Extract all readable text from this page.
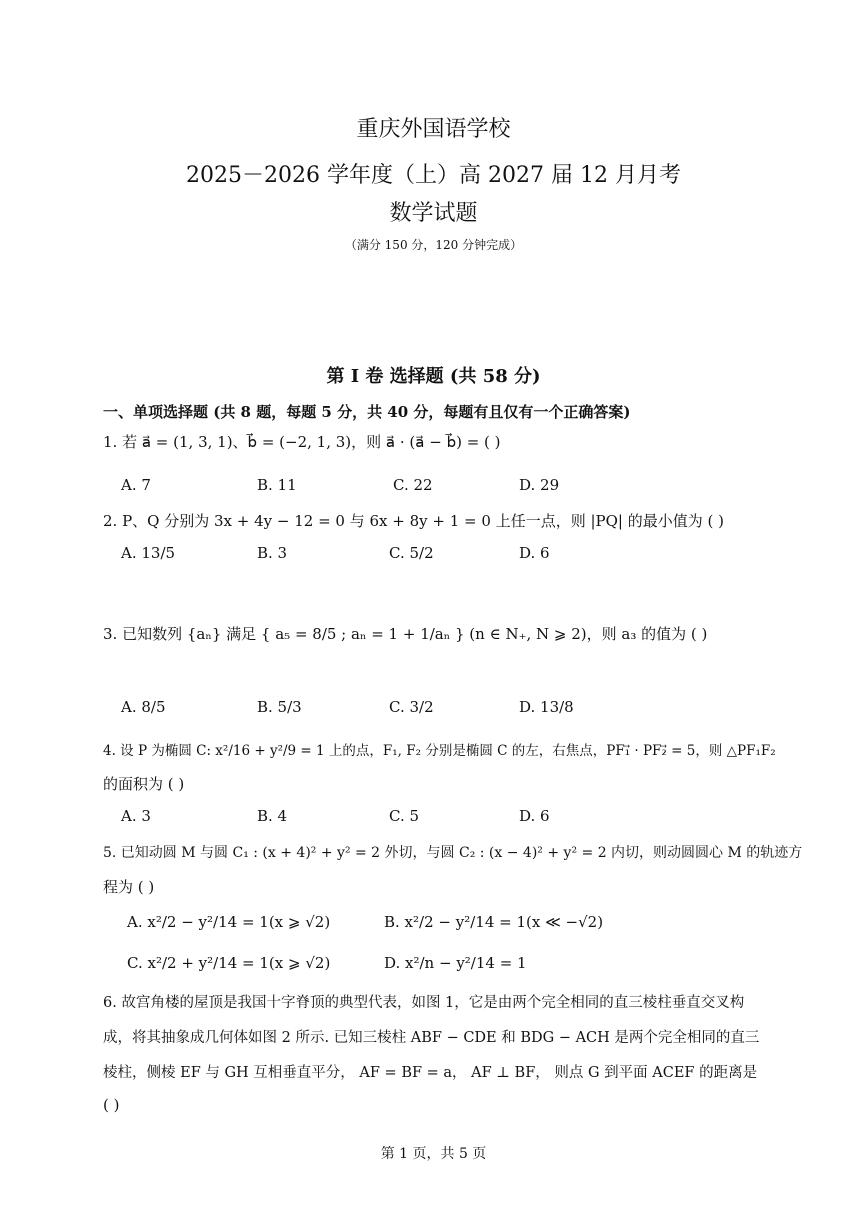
重庆外国语学校
2025－2026 学年度（上）高 2027 届 12 月月考
数学试题
（满分 150 分，120 分钟完成）
第 I 卷 选择题 (共 58 分)
一、单项选择题 (共 8 题，每题 5 分，共 40 分，每题有且仅有一个正确答案)
1. 若 a⃗ = (1, 3, 1)、b⃗ = (−2, 1, 3)，则 a⃗ · (a⃗ − b⃗) = ( )
A. 7	B. 11	C. 22	D. 29
2. P、Q 分别为 3x + 4y − 12 = 0 与 6x + 8y + 1 = 0 上任一点，则 |PQ| 的最小值为 ( )
A. 13/5	B. 3	C. 5/2	D. 6
3. 已知数列 {aₙ} 满足 { a₅ = 8/5 ; aₙ = 1 + 1/aₙ } (n ∈ N₊, N ⩾ 2)，则 a₃ 的值为 ( )
A. 8/5	B. 5/3	C. 3/2	D. 13/8
4. 设 P 为椭圆 C: x²/16 + y²/9 = 1 上的点，F₁, F₂ 分别是椭圆 C 的左，右焦点，PF₁⃗ · PF₂⃗ = 5，则 △PF₁F₂
的面积为 ( )
A. 3	B. 4	C. 5	D. 6
5. 已知动圆 M 与圆 C₁ : (x + 4)² + y² = 2 外切，与圆 C₂ : (x − 4)² + y² = 2 内切，则动圆圆心 M 的轨迹方
程为 ( )
A. x²/2 − y²/14 = 1(x ⩾ √2)	B. x²/2 − y²/14 = 1(x ≪ −√2)
C. x²/2 + y²/14 = 1(x ⩾ √2)	D. x²/n − y²/14 = 1
6. 故宫角楼的屋顶是我国十字脊顶的典型代表，如图 1，它是由两个完全相同的直三棱柱垂直交叉构
成，将其抽象成几何体如图 2 所示. 已知三棱柱 ABF − CDE 和 BDG − ACH 是两个完全相同的直三
棱柱，侧棱 EF 与 GH 互相垂直平分， AF = BF = a， AF ⊥ BF， 则点 G 到平面 ACEF 的距离是
( )
第 1 页，共 5 页
